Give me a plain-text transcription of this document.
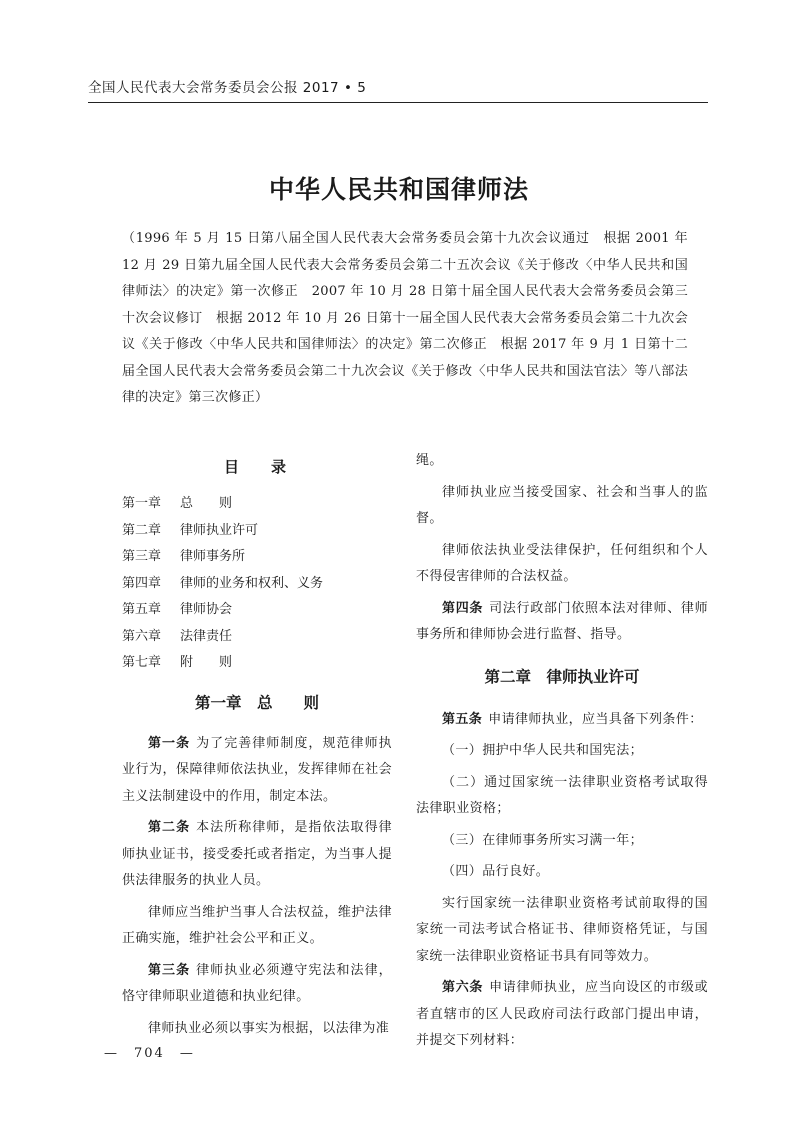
全国人民代表大会常务委员会公报 2017 • 5
中华人民共和国律师法
（1996 年 5 月 15 日第八届全国人民代表大会常务委员会第十九次会议通过　根据 2001 年 12 月 29 日第九届全国人民代表大会常务委员会第二十五次会议《关于修改〈中华人民共和国律师法〉的决定》第一次修正　2007 年 10 月 28 日第十届全国人民代表大会常务委员会第三十次会议修订　根据 2012 年 10 月 26 日第十一届全国人民代表大会常务委员会第二十九次会议《关于修改〈中华人民共和国律师法〉的决定》第二次修正　根据 2017 年 9 月 1 日第十二届全国人民代表大会常务委员会第二十九次会议《关于修改〈中华人民共和国法官法〉等八部法律的决定》第三次修正）
目录
第一章	总　　则
第二章	律师执业许可
第三章	律师事务所
第四章	律师的业务和权利、义务
第五章	律师协会
第六章	法律责任
第七章	附　　则
第一章　总　　则

第一条 为了完善律师制度，规范律师执业行为，保障律师依法执业，发挥律师在社会主义法制建设中的作用，制定本法。

第二条 本法所称律师，是指依法取得律师执业证书，接受委托或者指定，为当事人提供法律服务的执业人员。

律师应当维护当事人合法权益，维护法律正确实施，维护社会公平和正义。

第三条 律师执业必须遵守宪法和法律，恪守律师职业道德和执业纪律。

律师执业必须以事实为根据，以法律为准

绳。

律师执业应当接受国家、社会和当事人的监督。

律师依法执业受法律保护，任何组织和个人不得侵害律师的合法权益。

第四条 司法行政部门依照本法对律师、律师事务所和律师协会进行监督、指导。

第二章　律师执业许可

第五条 申请律师执业，应当具备下列条件：

（一）拥护中华人民共和国宪法；

（二）通过国家统一法律职业资格考试取得法律职业资格；

（三）在律师事务所实习满一年；

（四）品行良好。

实行国家统一法律职业资格考试前取得的国家统一司法考试合格证书、律师资格凭证，与国家统一法律职业资格证书具有同等效力。

第六条 申请律师执业，应当向设区的市级或者直辖市的区人民政府司法行政部门提出申请，并提交下列材料：

—　704　—
